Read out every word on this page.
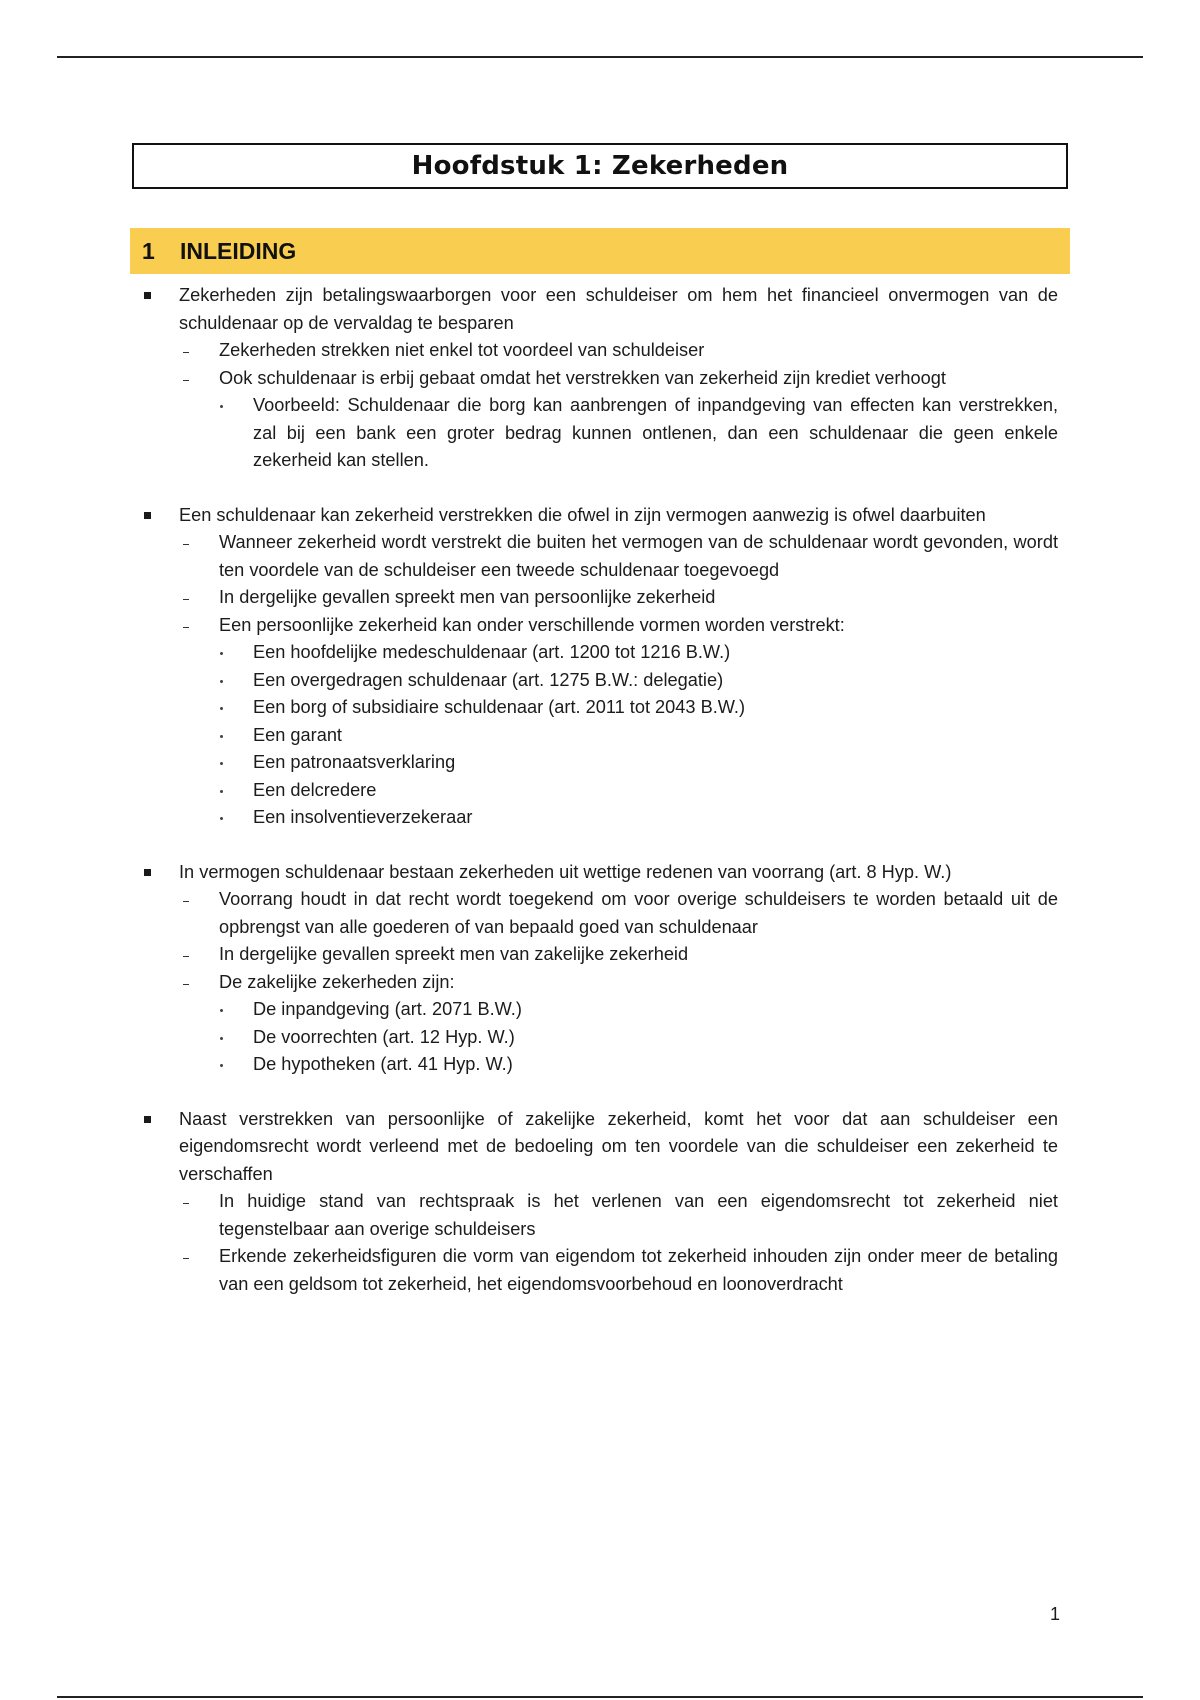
Hoofdstuk 1: Zekerheden
1	INLEIDING
Zekerheden zijn betalingswaarborgen voor een schuldeiser om hem het financieel onvermogen van de schuldenaar op de vervaldag te besparen
Zekerheden strekken niet enkel tot voordeel van schuldeiser
Ook schuldenaar is erbij gebaat omdat het verstrekken van zekerheid zijn krediet verhoogt
Voorbeeld: Schuldenaar die borg kan aanbrengen of inpandgeving van effecten kan verstrekken, zal bij een bank een groter bedrag kunnen ontlenen, dan een schuldenaar die geen enkele zekerheid kan stellen.
Een schuldenaar kan zekerheid verstrekken die ofwel in zijn vermogen aanwezig is ofwel daarbuiten
Wanneer zekerheid wordt verstrekt die buiten het vermogen van de schuldenaar wordt gevonden, wordt ten voordele van de schuldeiser een tweede schuldenaar toegevoegd
In dergelijke gevallen spreekt men van persoonlijke zekerheid
Een persoonlijke zekerheid kan onder verschillende vormen worden verstrekt:
Een hoofdelijke medeschuldenaar (art. 1200 tot 1216 B.W.)
Een overgedragen schuldenaar (art. 1275 B.W.: delegatie)
Een borg of subsidiaire schuldenaar (art. 2011 tot 2043 B.W.)
Een garant
Een patronaatsverklaring
Een delcredere
Een insolventieverzekeraar
In vermogen schuldenaar bestaan zekerheden uit wettige redenen van voorrang (art. 8 Hyp. W.)
Voorrang houdt in dat recht wordt toegekend om voor overige schuldeisers te worden betaald uit de opbrengst van alle goederen of van bepaald goed van schuldenaar
In dergelijke gevallen spreekt men van zakelijke zekerheid
De zakelijke zekerheden zijn:
De inpandgeving (art. 2071 B.W.)
De voorrechten (art. 12 Hyp. W.)
De hypotheken (art. 41 Hyp. W.)
Naast verstrekken van persoonlijke of zakelijke zekerheid, komt het voor dat aan schuldeiser een eigendomsrecht wordt verleend met de bedoeling om ten voordele van die schuldeiser een zekerheid te verschaffen
In huidige stand van rechtspraak is het verlenen van een eigendomsrecht tot zekerheid niet tegenstelbaar aan overige schuldeisers
Erkende zekerheidsfiguren die vorm van eigendom tot zekerheid inhouden zijn onder meer de betaling van een geldsom tot zekerheid, het eigendomsvoorbehoud en loonoverdracht
1
